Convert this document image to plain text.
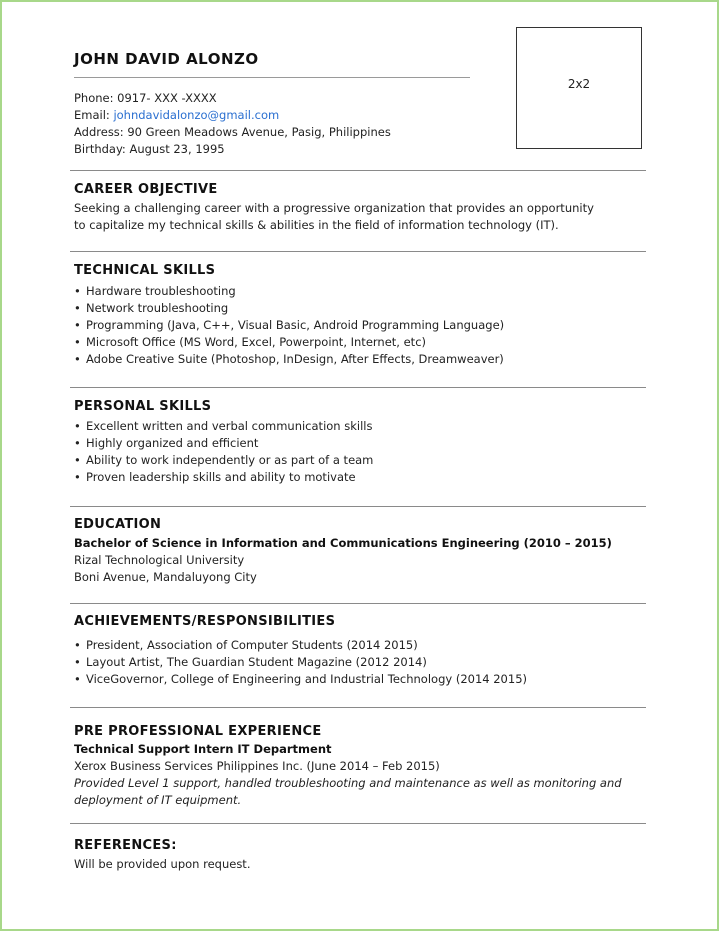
JOHN DAVID ALONZO
2x2
Phone: 0917- XXX -XXXX
Email: johndavidalonzo@gmail.com
Address: 90 Green Meadows Avenue, Pasig, Philippines
Birthday: August 23, 1995
CAREER OBJECTIVE
Seeking a challenging career with a progressive organization that provides an opportunity
to capitalize my technical skills & abilities in the field of information technology (IT).
TECHNICAL SKILLS
• Hardware troubleshooting
• Network troubleshooting
• Programming (Java, C++, Visual Basic, Android Programming Language)
• Microsoft Office (MS Word, Excel, Powerpoint, Internet, etc)
• Adobe Creative Suite (Photoshop, InDesign, After Effects, Dreamweaver)
PERSONAL SKILLS
• Excellent written and verbal communication skills
• Highly organized and efficient
• Ability to work independently or as part of a team
• Proven leadership skills and ability to motivate
EDUCATION
Bachelor of Science in Information and Communications Engineering (2010 – 2015)
Rizal Technological University
Boni Avenue, Mandaluyong City
ACHIEVEMENTS/RESPONSIBILITIES
• President, Association of Computer Students (2014 2015)
• Layout Artist, The Guardian Student Magazine (2012 2014)
• ViceGovernor, College of Engineering and Industrial Technology (2014 2015)
PRE PROFESSIONAL EXPERIENCE
Technical Support Intern IT Department
Xerox Business Services Philippines Inc. (June 2014 – Feb 2015)
Provided Level 1 support, handled troubleshooting and maintenance as well as monitoring and
deployment of IT equipment.
REFERENCES:
Will be provided upon request.
